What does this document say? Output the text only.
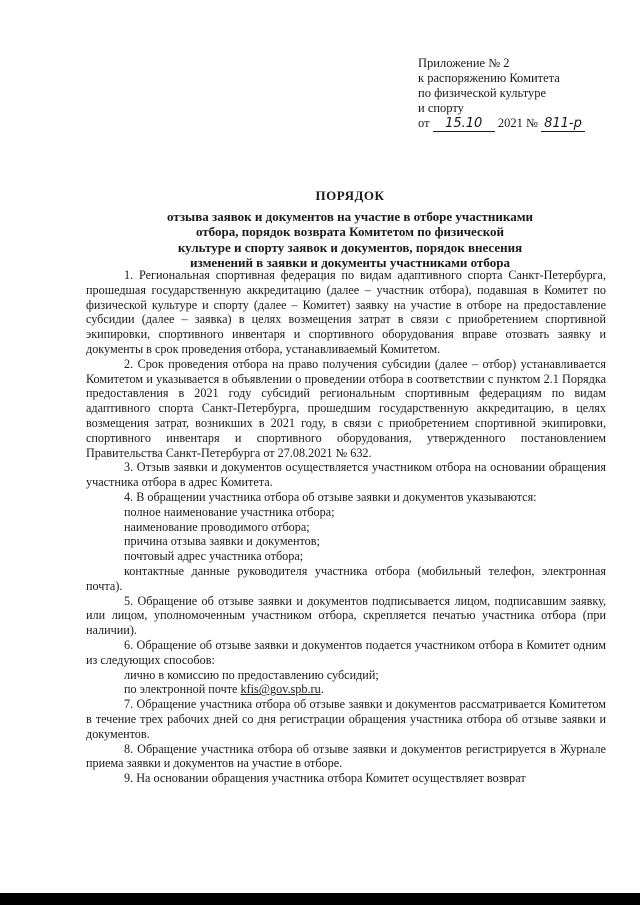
Приложение № 2
к распоряжению Комитета
по физической культуре
и спорту
от 15.10 2021 № 811-р
ПОРЯДОК
отзыва заявок и документов на участие в отборе участниками
отбора, порядок возврата Комитетом по физической
культуре и спорту заявок и документов, порядок внесения
изменений в заявки и документы участниками отбора

1. Региональная спортивная федерация по видам адаптивного спорта Санкт-Петербурга, прошедшая государственную аккредитацию (далее – участник отбора), подавшая в Комитет по физической культуре и спорту (далее – Комитет) заявку на участие в отборе на предоставление субсидии (далее – заявка) в целях возмещения затрат в связи с приобретением спортивной экипировки, спортивного инвентаря и спортивного оборудования вправе отозвать заявку и документы в срок проведения отбора, устанавливаемый Комитетом.

2. Срок проведения отбора на право получения субсидии (далее – отбор) устанавливается Комитетом и указывается в объявлении о проведении отбора в соответствии с пунктом 2.1 Порядка предоставления в 2021 году субсидий региональным спортивным федерациям по видам адаптивного спорта Санкт-Петербурга, прошедшим государственную аккредитацию, в целях возмещения затрат, возникших в 2021 году, в связи с приобретением спортивной экипировки, спортивного инвентаря и спортивного оборудования, утвержденного постановлением Правительства Санкт-Петербурга от 27.08.2021 № 632.

3. Отзыв заявки и документов осуществляется участником отбора на основании обращения участника отбора в адрес Комитета.

4. В обращении участника отбора об отзыве заявки и документов указываются:

полное наименование участника отбора;

наименование проводимого отбора;

причина отзыва заявки и документов;

почтовый адрес участника отбора;

контактные данные руководителя участника отбора (мобильный телефон, электронная почта).

5. Обращение об отзыве заявки и документов подписывается лицом, подписавшим заявку, или лицом, уполномоченным участником отбора, скрепляется печатью участника отбора (при наличии).

6. Обращение об отзыве заявки и документов подается участником отбора в Комитет одним из следующих способов:

лично в комиссию по предоставлению субсидий;

по электронной почте kfis@gov.spb.ru.

7. Обращение участника отбора об отзыве заявки и документов рассматривается Комитетом в течение трех рабочих дней со дня регистрации обращения участника отбора об отзыве заявки и документов.

8. Обращение участника отбора об отзыве заявки и документов регистрируется в Журнале приема заявки и документов на участие в отборе.

9. На основании обращения участника отбора Комитет осуществляет возврат
